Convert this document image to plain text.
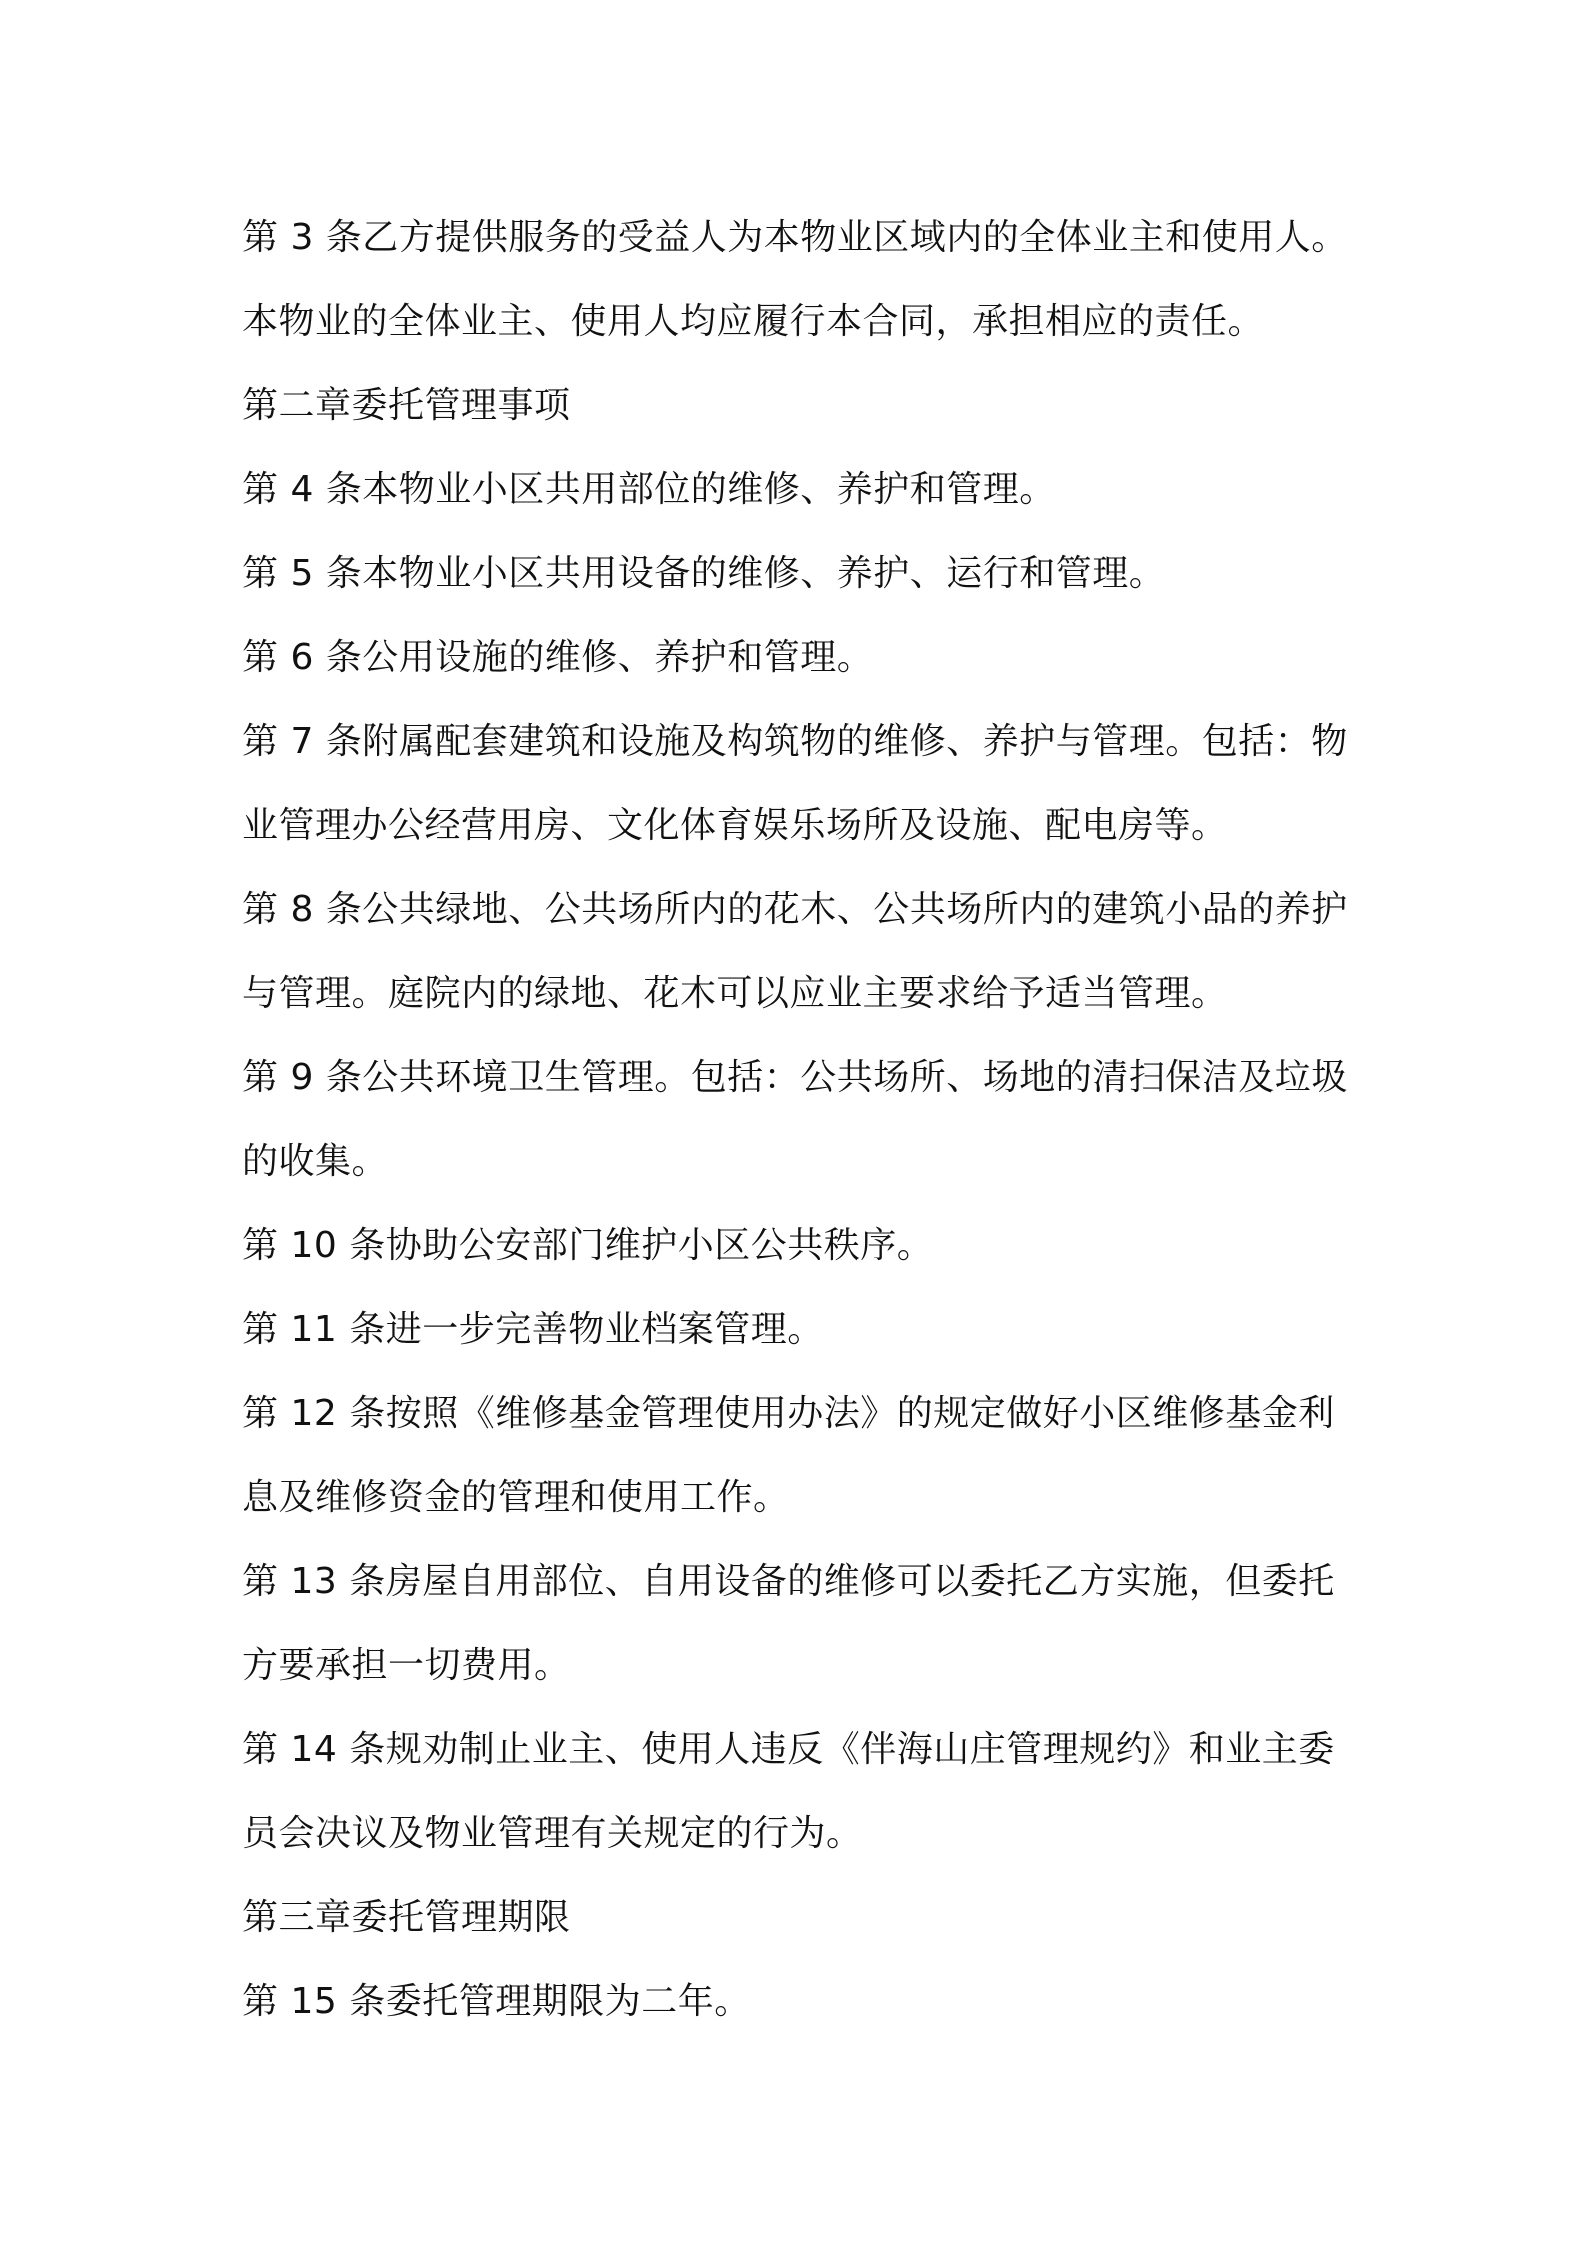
第 3 条乙方提供服务的受益人为本物业区域内的全体业主和使用人。
本物业的全体业主、使用人均应履行本合同，承担相应的责任。
第二章委托管理事项
第 4 条本物业小区共用部位的维修、养护和管理。
第 5 条本物业小区共用设备的维修、养护、运行和管理。
第 6 条公用设施的维修、养护和管理。
第 7 条附属配套建筑和设施及构筑物的维修、养护与管理。包括：物
业管理办公经营用房、文化体育娱乐场所及设施、配电房等。
第 8 条公共绿地、公共场所内的花木、公共场所内的建筑小品的养护
与管理。庭院内的绿地、花木可以应业主要求给予适当管理。
第 9 条公共环境卫生管理。包括：公共场所、场地的清扫保洁及垃圾
的收集。
第 10 条协助公安部门维护小区公共秩序。
第 11 条进一步完善物业档案管理。
第 12 条按照《维修基金管理使用办法》的规定做好小区维修基金利
息及维修资金的管理和使用工作。
第 13 条房屋自用部位、自用设备的维修可以委托乙方实施，但委托
方要承担一切费用。
第 14 条规劝制止业主、使用人违反《伴海山庄管理规约》和业主委
员会决议及物业管理有关规定的行为。
第三章委托管理期限
第 15 条委托管理期限为二年。
